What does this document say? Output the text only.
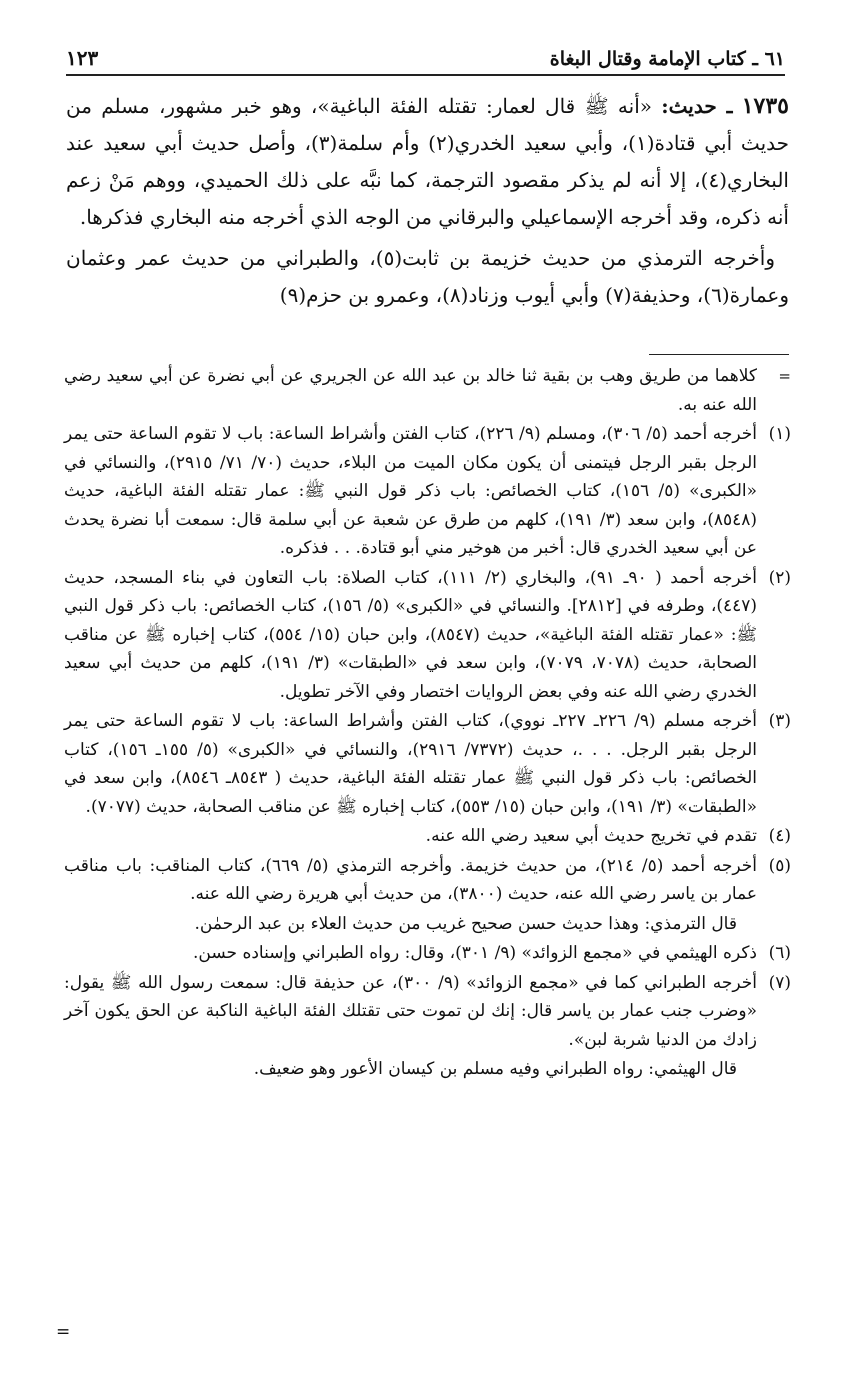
٦١ ـ كتاب الإمامة وقتال البغاة
١٢٣

١٧٣٥ ـ حديث: «أنه ﷺ قال لعمار: تقتله الفئة الباغية»، وهو خبر مشهور، مسلم من حديث أبي قتادة(١)، وأبي سعيد الخدري(٢) وأم سلمة(٣)، وأصل حديث أبي سعيد عند البخاري(٤)، إلا أنه لم يذكر مقصود الترجمة، كما نبَّه على ذلك الحميدي، ووهم مَنْ زعم أنه ذكره، وقد أخرجه الإسماعيلي والبرقاني من الوجه الذي أخرجه منه البخاري فذكرها.

وأخرجه الترمذي من حديث خزيمة بن ثابت(٥)، والطبراني من حديث عمر وعثمان وعمارة(٦)، وحذيفة(٧) وأبي أيوب وزناد(٨)، وعمرو بن حزم(٩)

=
كلاهما من طريق وهب بن بقية ثنا خالد بن عبد الله عن الجريري عن أبي نضرة عن أبي سعيد رضي الله عنه به.
(١)
أخرجه أحمد (٥/ ٣٠٦)، ومسلم (٩/ ٢٢٦)، كتاب الفتن وأشراط الساعة: باب لا تقوم الساعة حتى يمر الرجل بقبر الرجل فيتمنى أن يكون مكان الميت من البلاء، حديث (٧٠/ ٧١/ ٢٩١٥)، والنسائي في «الكبرى» (٥/ ١٥٦)، كتاب الخصائص: باب ذكر قول النبي ﷺ: عمار تقتله الفئة الباغية، حديث (٨٥٤٨)، وابن سعد (٣/ ١٩١)، كلهم من طرق عن شعبة عن أبي سلمة قال: سمعت أبا نضرة يحدث عن أبي سعيد الخدري قال: أخبر من هوخير مني أبو قتادة. . . فذكره.
(٢)
أخرجه أحمد ( ٩٠ـ ٩١)، والبخاري (٢/ ١١١)، كتاب الصلاة: باب التعاون في بناء المسجد، حديث (٤٤٧)، وطرفه في [٢٨١٢]. والنسائي في «الكبرى» (٥/ ١٥٦)، كتاب الخصائص: باب ذكر قول النبي ﷺ: «عمار تقتله الفئة الباغية»، حديث (٨٥٤٧)، وابن حبان (١٥/ ٥٥٤)، كتاب إخباره ﷺ عن مناقب الصحابة، حديث (٧٠٧٨، ٧٠٧٩)، وابن سعد في «الطبقات» (٣/ ١٩١)، كلهم من حديث أبي سعيد الخدري رضي الله عنه وفي بعض الروايات اختصار وفي الآخر تطويل.
(٣)
أخرجه مسلم (٩/ ٢٢٦ـ ٢٢٧ـ نووي)، كتاب الفتن وأشراط الساعة: باب لا تقوم الساعة حتى يمر الرجل بقبر الرجل. . . .، حديث (٧٣٧٢/ ٢٩١٦)، والنسائي في «الكبرى» (٥/ ١٥٥ـ ١٥٦)، كتاب الخصائص: باب ذكر قول النبي ﷺ عمار تقتله الفئة الباغية، حديث ( ٨٥٤٣ـ ٨٥٤٦)، وابن سعد في «الطبقات» (٣/ ١٩١)، وابن حبان (١٥/ ٥٥٣)، كتاب إخباره ﷺ عن مناقب الصحابة، حديث (٧٠٧٧).
(٤)
تقدم في تخريج حديث أبي سعيد رضي الله عنه.
(٥)
أخرجه أحمد (٥/ ٢١٤)، من حديث خزيمة. وأخرجه الترمذي (٥/ ٦٦٩)، كتاب المناقب: باب مناقب عمار بن ياسر رضي الله عنه، حديث (٣٨٠٠)، من حديث أبي هريرة رضي الله عنه.
قال الترمذي: وهذا حديث حسن صحيح غريب من حديث العلاء بن عبد الرحمٰن.
(٦)
ذكره الهيثمي في «مجمع الزوائد» (٩/ ٣٠١)، وقال: رواه الطبراني وإسناده حسن.
(٧)
أخرجه الطبراني كما في «مجمع الزوائد» (٩/ ٣٠٠)، عن حذيفة قال: سمعت رسول الله ﷺ يقول: «وضرب جنب عمار بن ياسر قال: إنك لن تموت حتى تقتلك الفئة الباغية الناكبة عن الحق يكون آخر زادك من الدنيا شربة لبن».
قال الهيثمي: رواه الطبراني وفيه مسلم بن كيسان الأعور وهو ضعيف.
=
